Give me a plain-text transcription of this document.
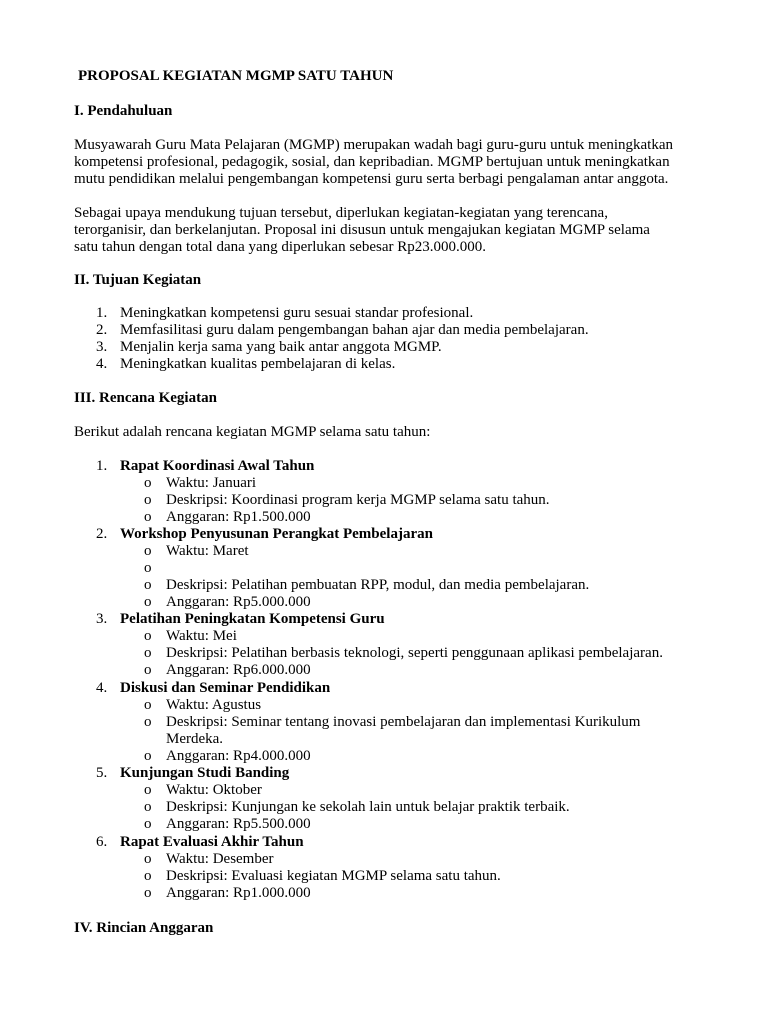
PROPOSAL KEGIATAN MGMP SATU TAHUN
I. Pendahuluan
Musyawarah Guru Mata Pelajaran (MGMP) merupakan wadah bagi guru-guru untuk meningkatkan
kompetensi profesional, pedagogik, sosial, dan kepribadian. MGMP bertujuan untuk meningkatkan
mutu pendidikan melalui pengembangan kompetensi guru serta berbagi pengalaman antar anggota.
Sebagai upaya mendukung tujuan tersebut, diperlukan kegiatan-kegiatan yang terencana,
terorganisir, dan berkelanjutan. Proposal ini disusun untuk mengajukan kegiatan MGMP selama
satu tahun dengan total dana yang diperlukan sebesar Rp23.000.000.
II. Tujuan Kegiatan
1. Meningkatkan kompetensi guru sesuai standar profesional.
2. Memfasilitasi guru dalam pengembangan bahan ajar dan media pembelajaran.
3. Menjalin kerja sama yang baik antar anggota MGMP.
4. Meningkatkan kualitas pembelajaran di kelas.
III. Rencana Kegiatan
Berikut adalah rencana kegiatan MGMP selama satu tahun:
1. Rapat Koordinasi Awal Tahun
o Waktu: Januari
o Deskripsi: Koordinasi program kerja MGMP selama satu tahun.
o Anggaran: Rp1.500.000
2. Workshop Penyusunan Perangkat Pembelajaran
o Waktu: Maret
o
o Deskripsi: Pelatihan pembuatan RPP, modul, dan media pembelajaran.
o Anggaran: Rp5.000.000
3. Pelatihan Peningkatan Kompetensi Guru
o Waktu: Mei
o Deskripsi: Pelatihan berbasis teknologi, seperti penggunaan aplikasi pembelajaran.
o Anggaran: Rp6.000.000
4. Diskusi dan Seminar Pendidikan
o Waktu: Agustus
o Deskripsi: Seminar tentang inovasi pembelajaran dan implementasi Kurikulum
Merdeka.
o Anggaran: Rp4.000.000
5. Kunjungan Studi Banding
o Waktu: Oktober
o Deskripsi: Kunjungan ke sekolah lain untuk belajar praktik terbaik.
o Anggaran: Rp5.500.000
6. Rapat Evaluasi Akhir Tahun
o Waktu: Desember
o Deskripsi: Evaluasi kegiatan MGMP selama satu tahun.
o Anggaran: Rp1.000.000
IV. Rincian Anggaran
